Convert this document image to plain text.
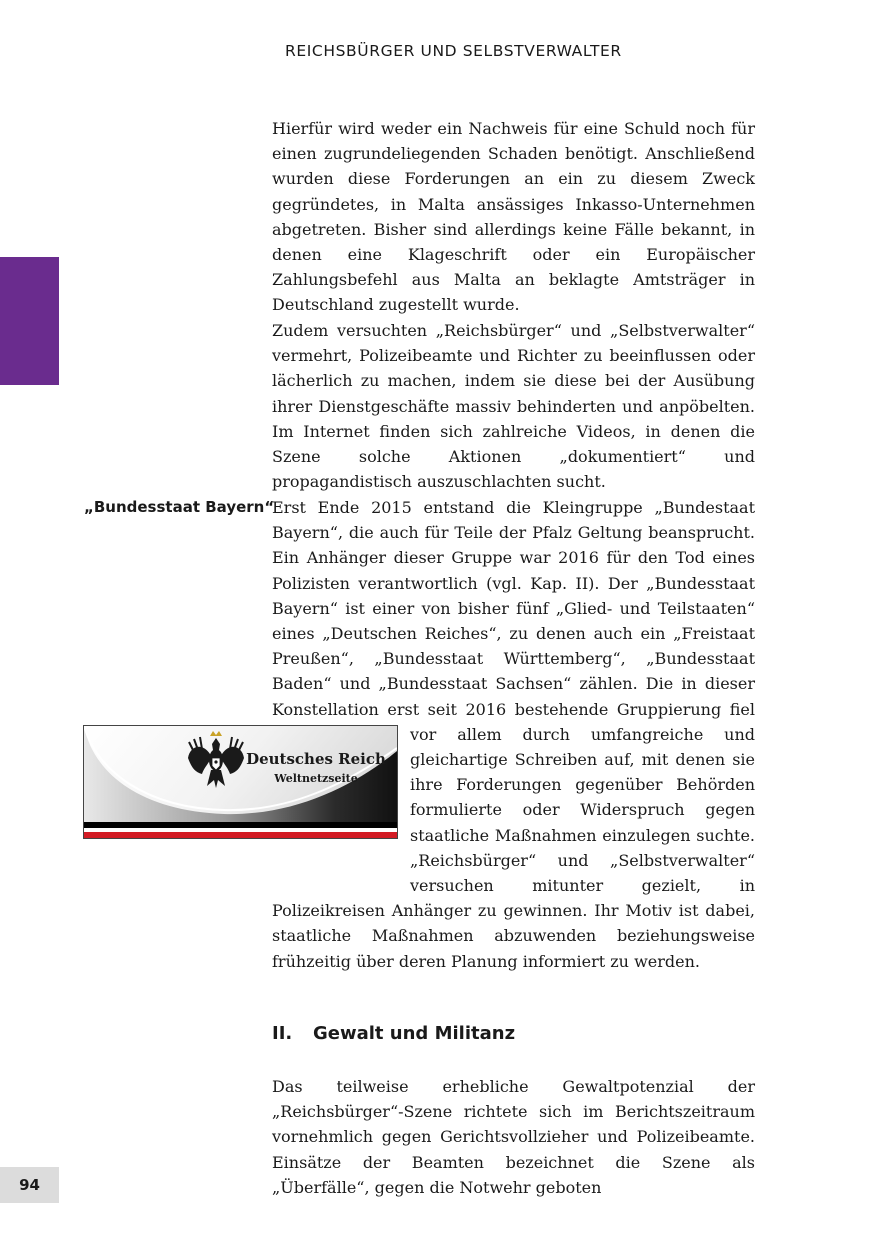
REICHSBÜRGER UND SELBSTVERWALTER
94

Hierfür wird weder ein Nachweis für eine Schuld noch für einen zugrundeliegenden Schaden benötigt. Anschließend wurden diese Forderungen an ein zu diesem Zweck gegründetes, in Malta ansässiges Inkasso-Unternehmen abgetreten. Bisher sind allerdings keine Fälle bekannt, in denen eine Klageschrift oder ein Europäischer Zahlungsbefehl aus Malta an beklagte Amtsträger in Deutschland zugestellt wurde.

Zudem versuchten „Reichsbürger“ und „Selbstverwalter“ vermehrt, Polizeibeamte und Richter zu beeinflussen oder lächerlich zu machen, indem sie diese bei der Ausübung ihrer Dienstgeschäfte massiv behinderten und anpöbelten. Im Internet finden sich zahlreiche Videos, in denen die Szene solche Aktionen „dokumentiert“ und propagandistisch auszuschlachten sucht.

„Bundesstaat Bayern“
Erst Ende 2015 entstand die Kleingruppe „Bundestaat Bayern“, die auch für Teile der Pfalz Geltung beansprucht. Ein Anhänger dieser Gruppe war 2016 für den Tod eines Polizisten verantwortlich (vgl. Kap. II). Der „Bundesstaat Bayern“ ist einer von bisher fünf „Glied- und Teilstaaten“ eines „Deutschen Reiches“, zu denen auch ein „Freistaat Preußen“, „Bundesstaat Württemberg“, „Bundesstaat Baden“ und „Bundesstaat Sachsen“ zählen. Die in dieser Konstellation erst seit 2016 bestehende Gruppierung fiel vor allem durch
umfangreiche und gleichartige Schreiben auf, mit denen sie ihre Forderungen gegenüber Behörden formulierte oder Widerspruch gegen staatliche Maßnahmen einzulegen suchte. „Reichsbürger“ und „Selbstverwalter“ versuchen mitunter gezielt, in Polizeikreisen Anhänger zu gewinnen. Ihr Motiv ist dabei, staatliche Maßnahmen abzuwenden beziehungsweise frühzeitig über deren Planung informiert zu werden.
Deutsches Reich
Weltnetzseite
II. Gewalt und Militanz

Das teilweise erhebliche Gewaltpotenzial der „Reichsbürger“-Szene richtete sich im Berichtszeitraum vornehmlich gegen Gerichtsvollzieher und Polizeibeamte. Einsätze der Beamten bezeichnet die Szene als „Überfälle“, gegen die Notwehr geboten
